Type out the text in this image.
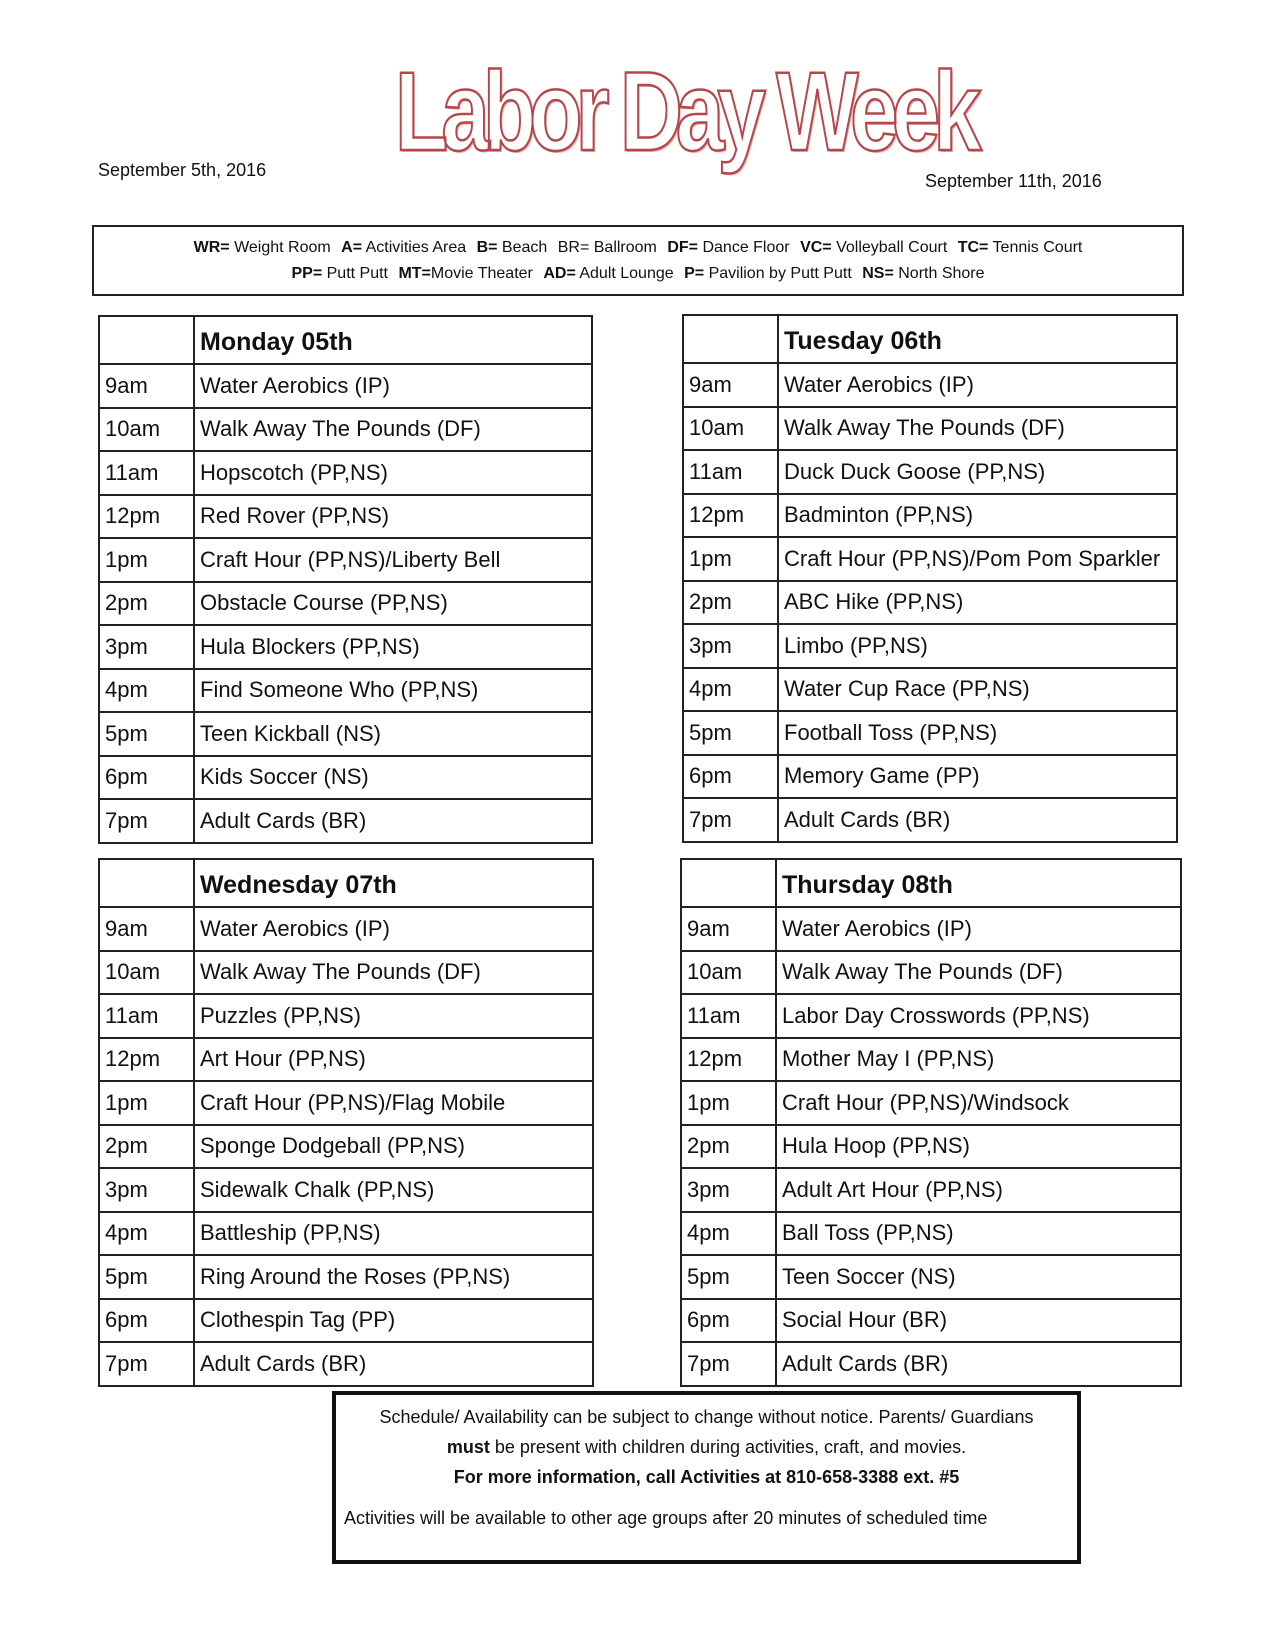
September 5th, 2016 Labor Day Week
September 11th, 2016
WR= Weight Room A= Activities Area B= Beach BR= Ballroom DF= Dance Floor VC= Volleyball Court TC= Tennis Court
PP= Putt Putt MT=Movie Theater AD= Adult Lounge P= Pavilion by Putt Putt NS= North Shore
	Monday 05th
9am	Water Aerobics (IP)
10am	Walk Away The Pounds (DF)
11am	Hopscotch (PP,NS)
12pm	Red Rover (PP,NS)
1pm	Craft Hour (PP,NS)/Liberty Bell
2pm	Obstacle Course (PP,NS)
3pm	Hula Blockers (PP,NS)
4pm	Find Someone Who (PP,NS)
5pm	Teen Kickball (NS)
6pm	Kids Soccer (NS)
7pm	Adult Cards (BR)
	Tuesday 06th
9am	Water Aerobics (IP)
10am	Walk Away The Pounds (DF)
11am	Duck Duck Goose (PP,NS)
12pm	Badminton (PP,NS)
1pm	Craft Hour (PP,NS)/Pom Pom Sparkler
2pm	ABC Hike (PP,NS)
3pm	Limbo (PP,NS)
4pm	Water Cup Race (PP,NS)
5pm	Football Toss (PP,NS)
6pm	Memory Game (PP)
7pm	Adult Cards (BR)
	Wednesday 07th
9am	Water Aerobics (IP)
10am	Walk Away The Pounds (DF)
11am	Puzzles (PP,NS)
12pm	Art Hour (PP,NS)
1pm	Craft Hour (PP,NS)/Flag Mobile
2pm	Sponge Dodgeball (PP,NS)
3pm	Sidewalk Chalk (PP,NS)
4pm	Battleship (PP,NS)
5pm	Ring Around the Roses (PP,NS)
6pm	Clothespin Tag (PP)
7pm	Adult Cards (BR)
	Thursday 08th
9am	Water Aerobics (IP)
10am	Walk Away The Pounds (DF)
11am	Labor Day Crosswords (PP,NS)
12pm	Mother May I (PP,NS)
1pm	Craft Hour (PP,NS)/Windsock
2pm	Hula Hoop (PP,NS)
3pm	Adult Art Hour (PP,NS)
4pm	Ball Toss (PP,NS)
5pm	Teen Soccer (NS)
6pm	Social Hour (BR)
7pm	Adult Cards (BR)
Schedule/ Availability can be subject to change without notice. Parents/ Guardians
must be present with children during activities, craft, and movies.
For more information, call Activities at 810-658-3388 ext. #5
Activities will be available to other age groups after 20 minutes of scheduled time
